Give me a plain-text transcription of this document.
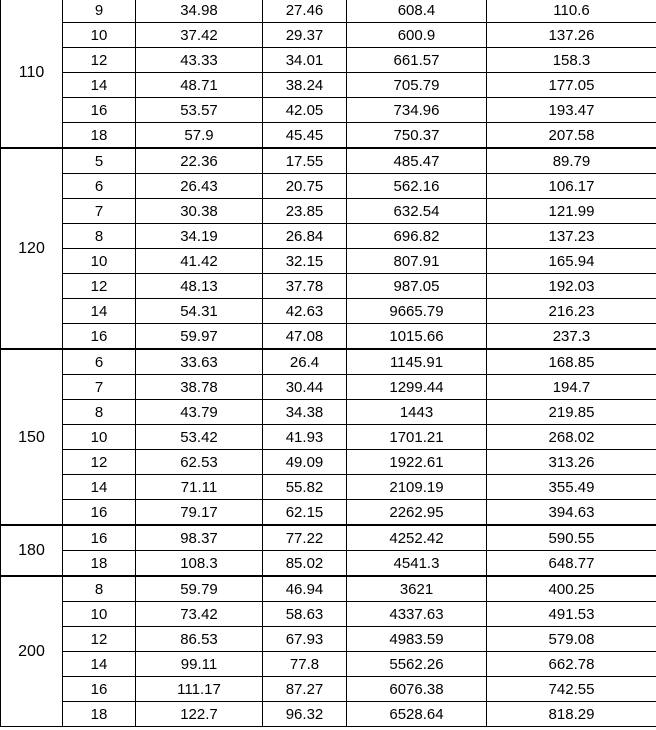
110	9	34.98	27.46	608.4	110.6
	10	37.42	29.37	600.9	137.26
	12	43.33	34.01	661.57	158.3
	14	48.71	38.24	705.79	177.05
	16	53.57	42.05	734.96	193.47
	18	57.9	45.45	750.37	207.58
120	5	22.36	17.55	485.47	89.79
	6	26.43	20.75	562.16	106.17
	7	30.38	23.85	632.54	121.99
	8	34.19	26.84	696.82	137.23
	10	41.42	32.15	807.91	165.94
	12	48.13	37.78	987.05	192.03
	14	54.31	42.63	9665.79	216.23
	16	59.97	47.08	1015.66	237.3
150	6	33.63	26.4	1145.91	168.85
	7	38.78	30.44	1299.44	194.7
	8	43.79	34.38	1443	219.85
	10	53.42	41.93	1701.21	268.02
	12	62.53	49.09	1922.61	313.26
	14	71.11	55.82	2109.19	355.49
	16	79.17	62.15	2262.95	394.63
180	16	98.37	77.22	4252.42	590.55
	18	108.3	85.02	4541.3	648.77
200	8	59.79	46.94	3621	400.25
	10	73.42	58.63	4337.63	491.53
	12	86.53	67.93	4983.59	579.08
	14	99.11	77.8	5562.26	662.78
	16	111.17	87.27	6076.38	742.55
	18	122.7	96.32	6528.64	818.29
